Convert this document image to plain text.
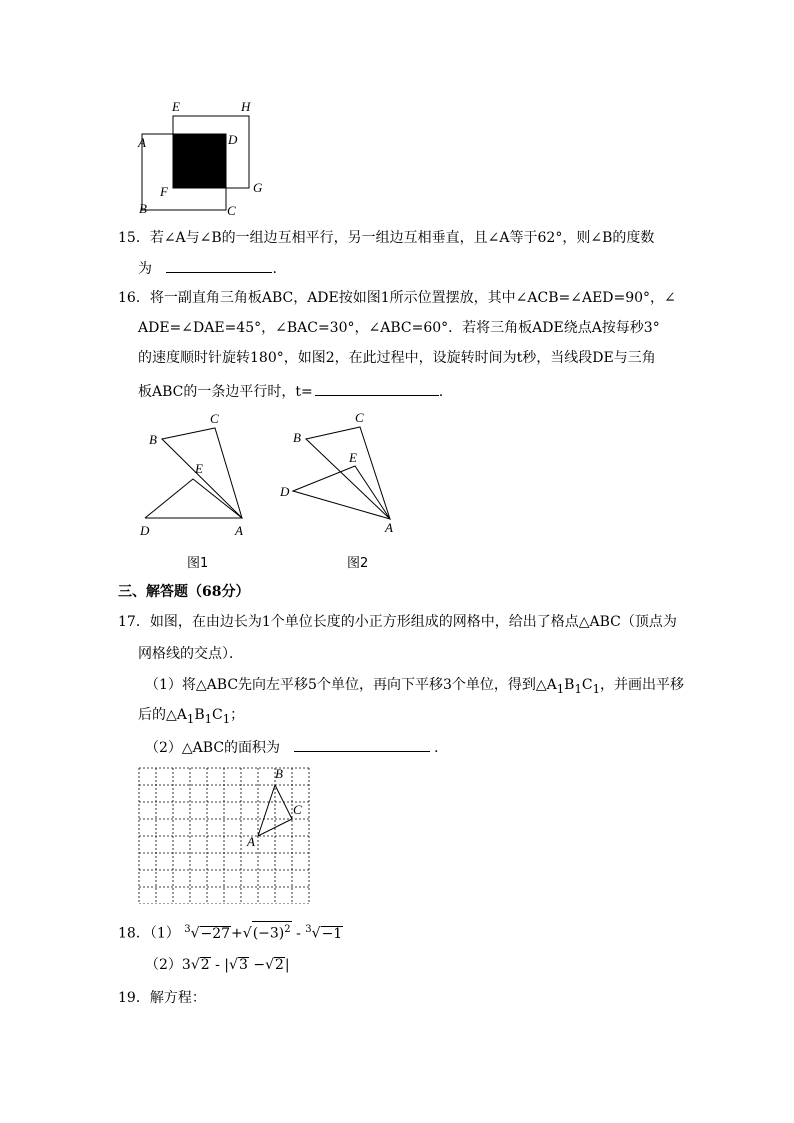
E	H
A	D
F	G
B	C
15．若∠A与∠B的一组边互相平行，另一组边互相垂直，且∠A等于62°，则∠B的度数
为	.
16．将一副直角三角板ABC，ADE按如图1所示位置摆放，其中∠ACB=∠AED=90°，∠
ADE=∠DAE=45°，∠BAC=30°，∠ABC=60°．若将三角板ADE绕点A按每秒3°
的速度顺时针旋转180°，如图2，在此过程中，设旋转时间为t秒，当线段DE与三角
板ABC的一条边平行时，t=	.
C
B
E
D	A
图1
C
B
E
D
A
图2
三、解答题（68分）
17．如图，在由边长为1个单位长度的小正方形组成的网格中，给出了格点△ABC（顶点为
网格线的交点）．
（1）将△ABC先向左平移5个单位，再向下平移3个单位，得到$\triangle A_1B_1C_1$，并画出平移
后的$\triangle A_1B_1C_1$；
（2）△ABC的面积为	.
B
C
A
18．（1） $^3√-27+√(-3)^2 - ^3√-1$
（2）3√2 - |√3 −√2|
19．解方程：
